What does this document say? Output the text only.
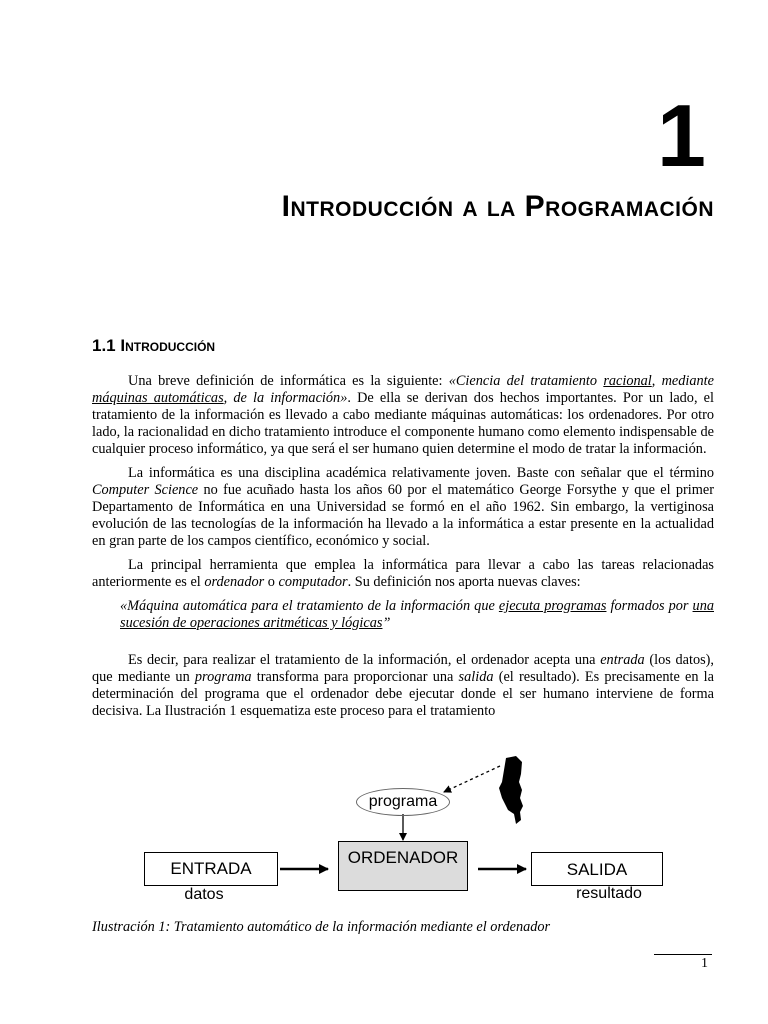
1
Introducción a la Programación
1.1 Introducción

Una breve definición de informática es la siguiente: «Ciencia del tratamiento racional, mediante máquinas automáticas, de la información». De ella se derivan dos hechos importantes. Por un lado, el tratamiento de la información es llevado a cabo mediante máquinas automáticas: los ordenadores. Por otro lado, la racionalidad en dicho tratamiento introduce el componente humano como elemento indispensable de cualquier proceso informático, ya que será el ser humano quien determine el modo de tratar la información.

La informática es una disciplina académica relativamente joven. Baste con señalar que el término Computer Science no fue acuñado hasta los años 60 por el matemático George Forsythe y que el primer Departamento de Informática en una Universidad se formó en el año 1962. Sin embargo, la vertiginosa evolución de las tecnologías de la información ha llevado a la informática a estar presente en la actualidad en gran parte de los campos científico, económico y social.

La principal herramienta que emplea la informática para llevar a cabo las tareas relacionadas anteriormente es el ordenador o computador. Su definición nos aporta nuevas claves:

«Máquina automática para el tratamiento de la información que ejecuta programas formados por una sucesión de operaciones aritméticas y lógicas”

Es decir, para realizar el tratamiento de la información, el ordenador acepta una entrada (los datos), que mediante un programa transforma para proporcionar una salida (el resultado). Es precisamente en la determinación del programa que el ordenador debe ejecutar donde el ser humano interviene de forma decisiva. La Ilustración 1 esquematiza este proceso para el tratamiento

programa
ENTRADA
datos
ORDENADOR
SALIDA
resultado
Ilustración 1: Tratamiento automático de la información mediante el ordenador
1
